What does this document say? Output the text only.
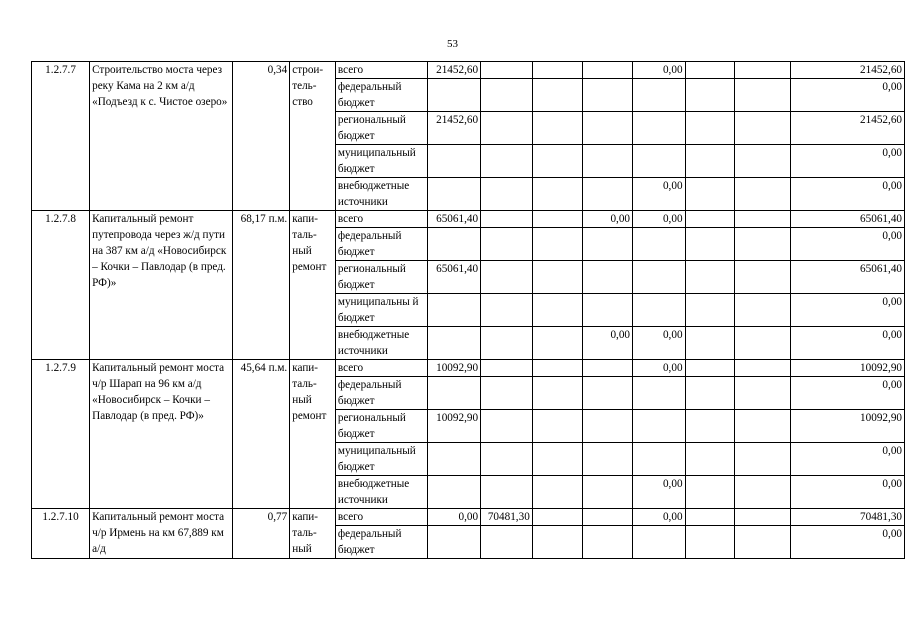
53
1.2.7.7	Строительство моста через реку Кама на 2 км а/д «Подъезд к с. Чистое озеро»	0,34	строи-тель-ство	всего	21452,60				0,00			21452,60
				федеральный бюджет								0,00
				региональный бюджет	21452,60							21452,60
				муниципальный бюджет								0,00
				внебюджетные источники					0,00			0,00
1.2.7.8	Капитальный ремонт путепровода через ж/д пути на 387 км а/д «Новосибирск – Кочки – Павлодар (в пред. РФ)»	68,17 п.м.	капи-таль-ный ремонт	всего	65061,40			0,00	0,00			65061,40
				федеральный бюджет								0,00
				региональный бюджет	65061,40							65061,40
				муниципальны й бюджет								0,00
				внебюджетные источники				0,00	0,00			0,00
1.2.7.9	Капитальный ремонт моста ч/р Шарап на 96 км а/д «Новосибирск – Кочки – Павлодар (в пред. РФ)»	45,64 п.м.	капи-таль-ный ремонт	всего	10092,90				0,00			10092,90
				федеральный бюджет								0,00
				региональный бюджет	10092,90							10092,90
				муниципальный бюджет								0,00
				внебюджетные источники					0,00			0,00
1.2.7.10	Капитальный ремонт моста ч/р Ирмень на км 67,889 км а/д	0,77	капи-таль-ный	всего	0,00	70481,30			0,00			70481,30
				федеральный бюджет								0,00
